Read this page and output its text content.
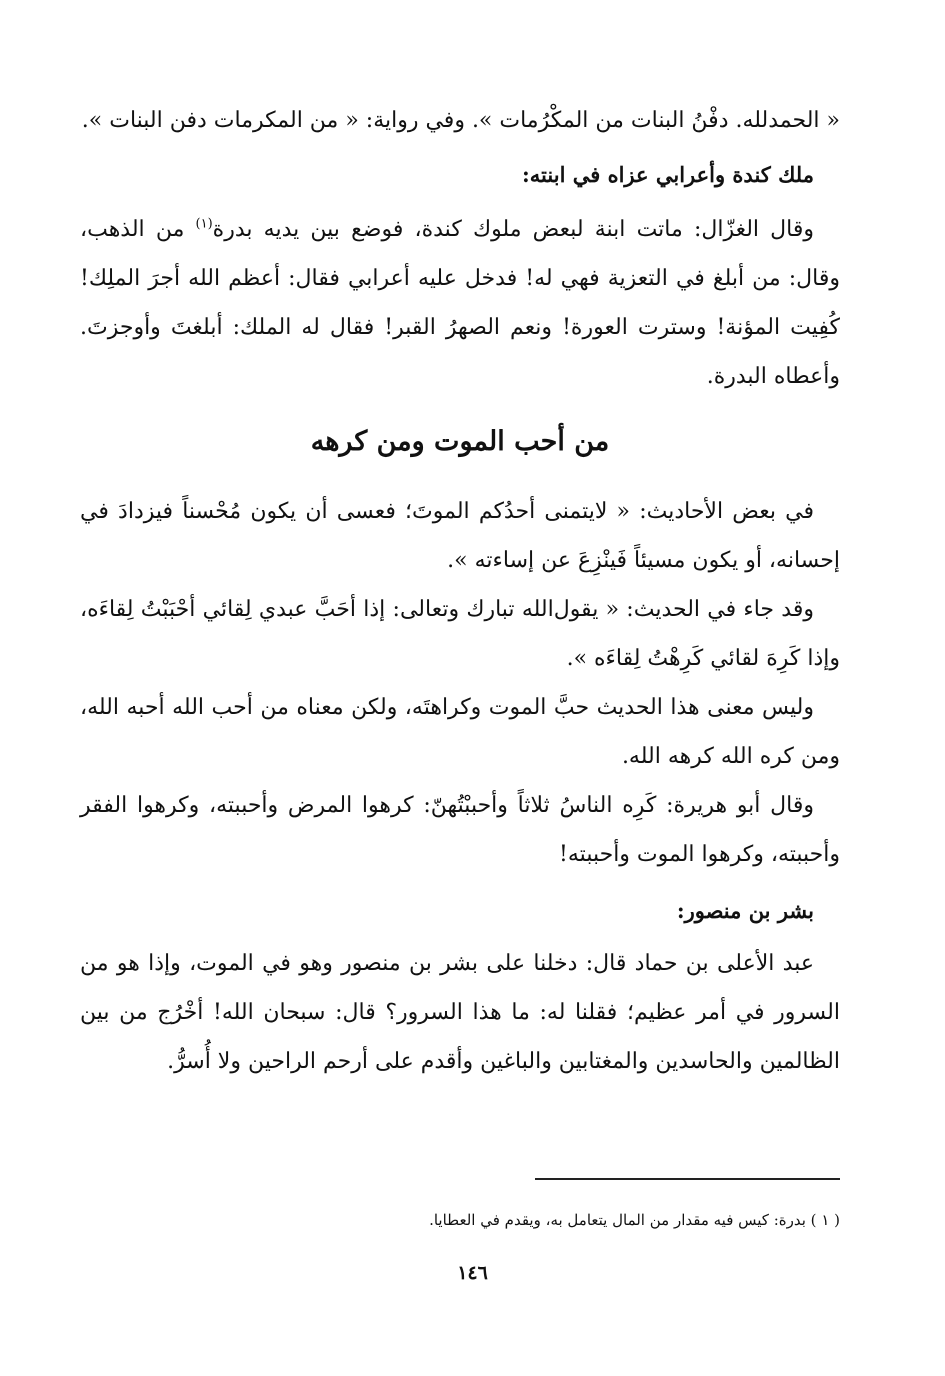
« الحمدلله. دفْنُ البنات من المكْرُمات ». وفي رواية: « من المكرمات دفن البنات ».

ملك كندة وأعرابي عزاه في ابنته:

وقال الغزّال: ماتت ابنة لبعض ملوك كندة، فوضع بين يديه بدرة$^{(١)}$ من الذهب، وقال: من أبلغ في التعزية فهي له! فدخل عليه أعرابي فقال: أعظم الله أجرَ الملِك! كُفِيت المؤنة! وسترت العورة! ونعم الصهرُ القبر! فقال له الملك: أبلغتَ وأوجزتَ. وأعطاه البدرة.

من أحب الموت ومن كرهه

في بعض الأحاديث: « لايتمنى أحدُكم الموتَ؛ فعسى أن يكون مُحْسناً فيزدادَ في إحسانه، أو يكون مسيئاً فَينْزِعَ عن إساءته ».

وقد جاء في الحديث: « يقول‌الله تبارك وتعالى: إذا أحَبَّ عبدي لِقائي أحْبَبْتُ لِقاءَه، وإذا كَرِهَ لقائي كَرِهْتُ لِقاءَه ».

وليس معنى هذا الحديث حبَّ الموت وكراهتَه، ولكن معناه من أحب الله أحبه الله، ومن كره الله كرهه الله.

وقال أبو هريرة: كَرِه الناسُ ثلاثاً وأحببْتُهنّ: كرهوا المرض وأحببته، وكرهوا الفقر وأحببته، وكرهوا الموت وأحببته!

بشر بن منصور:

عبد الأعلى بن حماد قال: دخلنا على بشر بن منصور وهو في الموت، وإذا هو من السرور في أمر عظيم؛ فقلنا له: ما هذا السرور؟ قال: سبحان الله! أخْرُج من بين الظالمين والحاسدين والمغتابين والباغين وأقدم على أرحم الراحين ولا أُسرُّ.

( ١ ) بدرة: كيس فيه مقدار من المال يتعامل به، ويقدم في العطايا.

١٤٦
